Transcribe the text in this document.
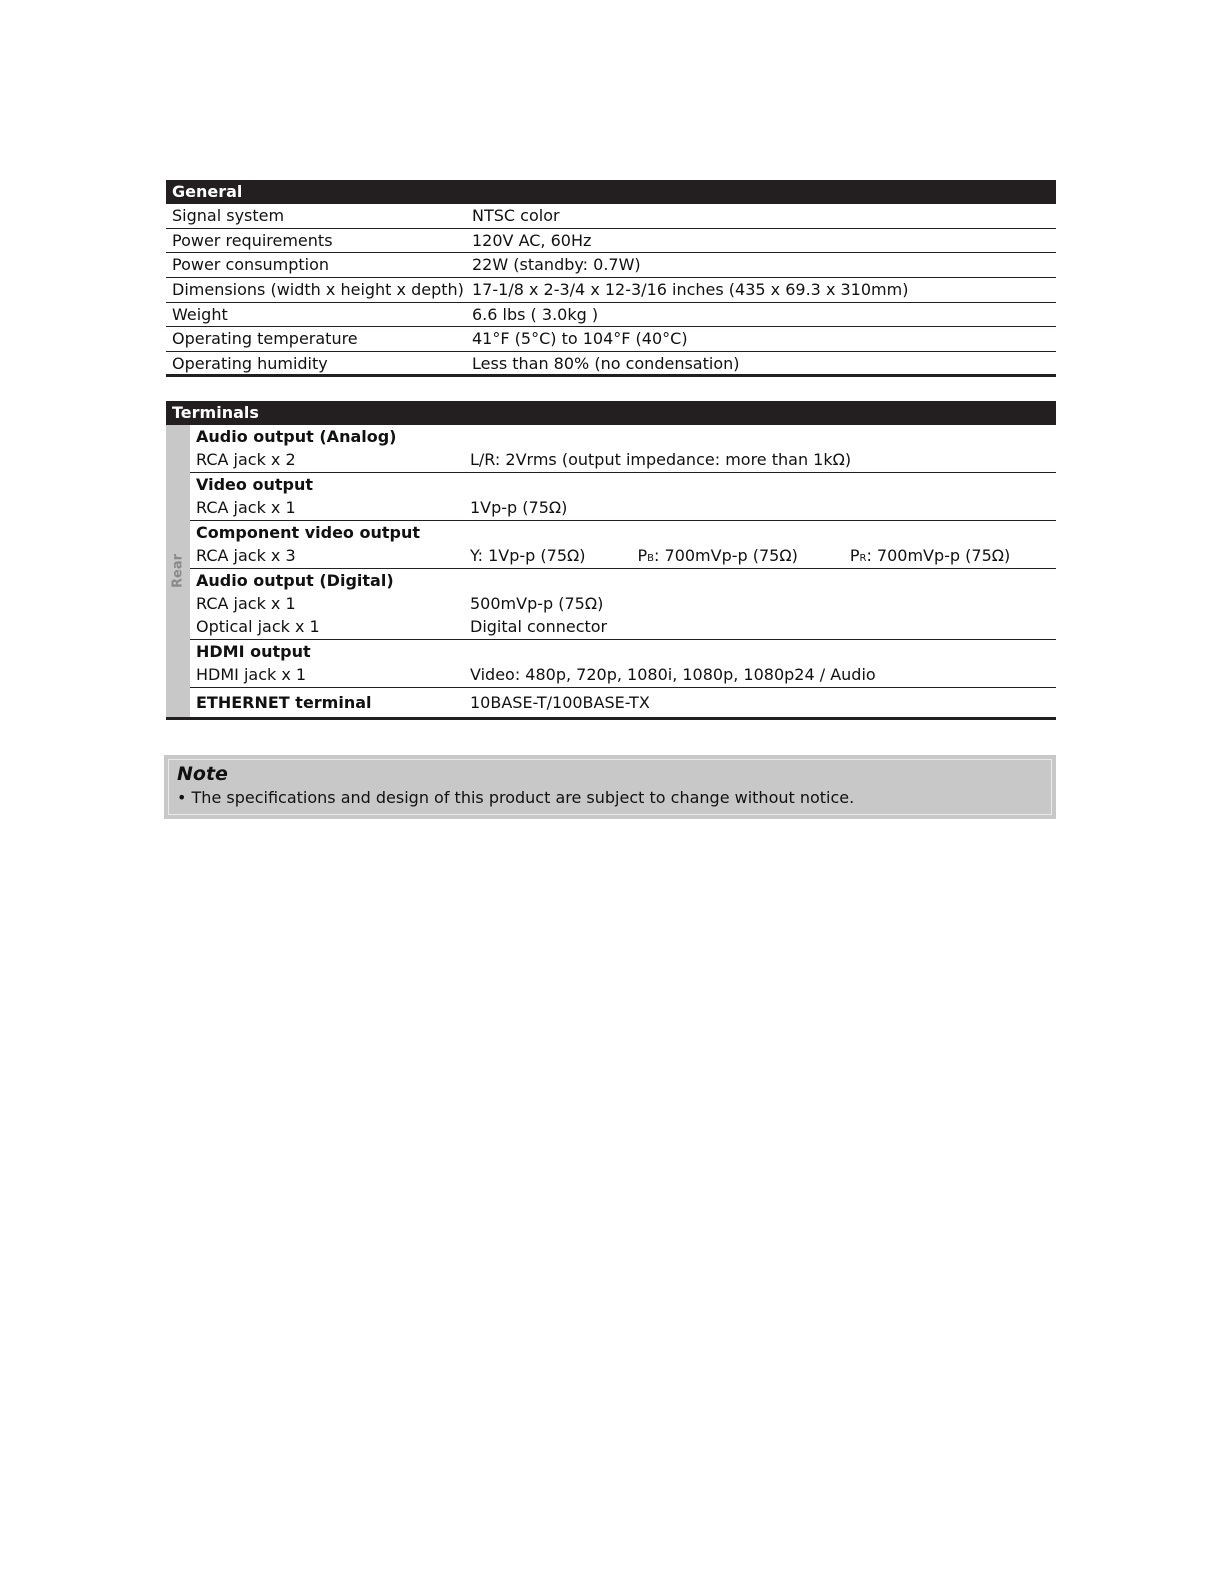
General
Signal system	NTSC color
Power requirements	120V AC, 60Hz
Power consumption	22W (standby: 0.7W)
Dimensions (width x height x depth) 17-1/8 x 2-3/4 x 12-3/16 inches (435 x 69.3 x 310mm)
Weight	6.6 lbs ( 3.0kg )
Operating temperature	41°F (5°C) to 104°F (40°C)
Operating humidity	Less than 80% (no condensation)
Terminals
Rear
Audio output (Analog)
RCA jack x 2	L/R: 2Vrms (output impedance: more than 1kΩ)
Video output
RCA jack x 1	1Vp-p (75Ω)
Component video output
RCA jack x 3	Y: 1Vp-p (75Ω)	PB: 700mVp-p (75Ω)	PR: 700mVp-p (75Ω)
Audio output (Digital)
RCA jack x 1	500mVp-p (75Ω)
Optical jack x 1	Digital connector
HDMI output
HDMI jack x 1	Video: 480p, 720p, 1080i, 1080p, 1080p24 / Audio
ETHERNET terminal	10BASE-T/100BASE-TX
Note
• The specifications and design of this product are subject to change without notice.
